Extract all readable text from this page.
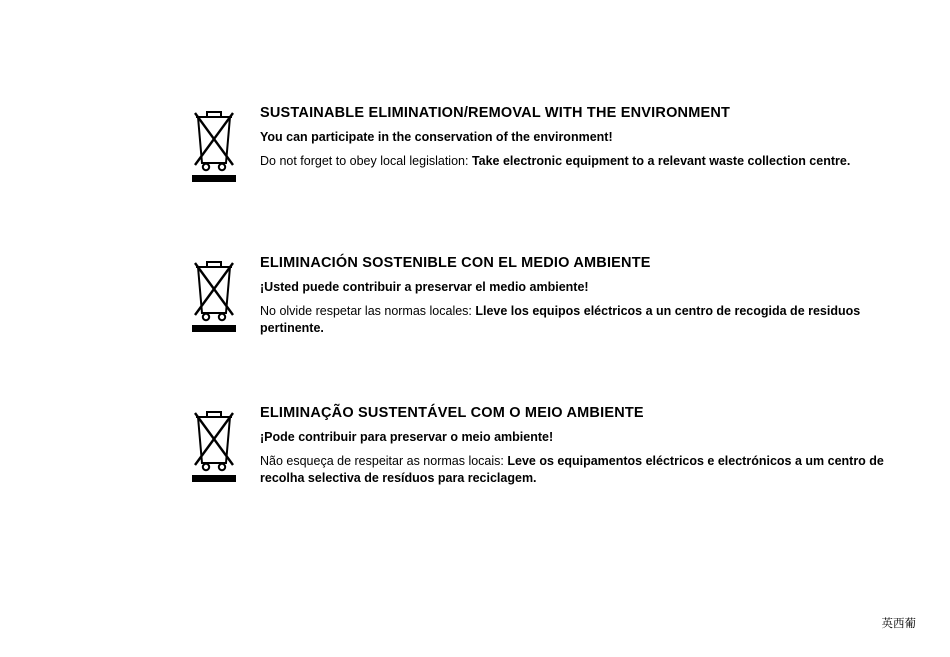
SUSTAINABLE ELIMINATION/REMOVAL WITH THE ENVIRONMENT

You can participate in the conservation of the environment!

Do not forget to obey local legislation: Take electronic equipment to a relevant waste collection centre.

ELIMINACIÓN SOSTENIBLE CON EL MEDIO AMBIENTE

¡Usted puede contribuir a preservar el medio ambiente!

No olvide respetar las normas locales: Lleve los equipos eléctricos a un centro de recogida de residuos pertinente.

ELIMINAÇÃO SUSTENTÁVEL COM O MEIO AMBIENTE

¡Pode contribuir para preservar o meio ambiente!

Não esqueça de respeitar as normas locais: Leve os equipamentos eléctricos e electrónicos a um centro de recolha selectiva de resíduos para reciclagem.

英西葡
